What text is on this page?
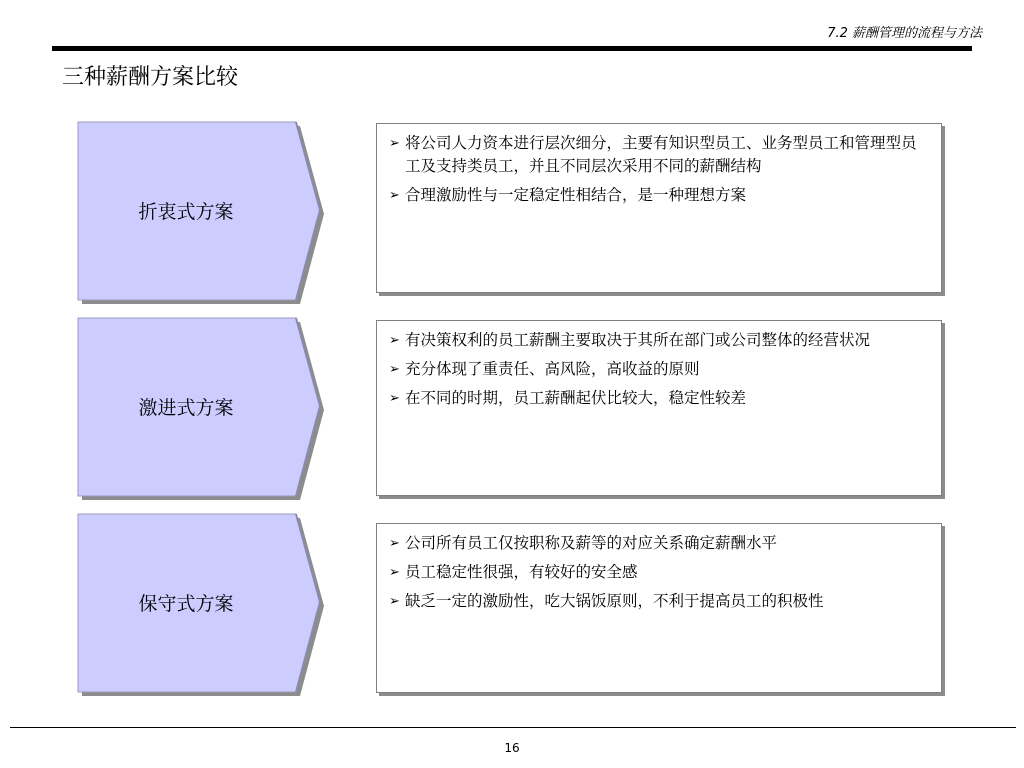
7.2 薪酬管理的流程与方法
三种薪酬方案比较
折衷式方案
➢ 将公司人力资本进行层次细分，主要有知识型员工、业务型员工和管理型员工及支持类员工，并且不同层次采用不同的薪酬结构
➢ 合理激励性与一定稳定性相结合，是一种理想方案
激进式方案
➢ 有决策权利的员工薪酬主要取决于其所在部门或公司整体的经营状况
➢ 充分体现了重责任、高风险，高收益的原则
➢ 在不同的时期，员工薪酬起伏比较大，稳定性较差
保守式方案
➢ 公司所有员工仅按职称及薪等的对应关系确定薪酬水平
➢ 员工稳定性很强，有较好的安全感
➢ 缺乏一定的激励性，吃大锅饭原则，不利于提高员工的积极性
16
